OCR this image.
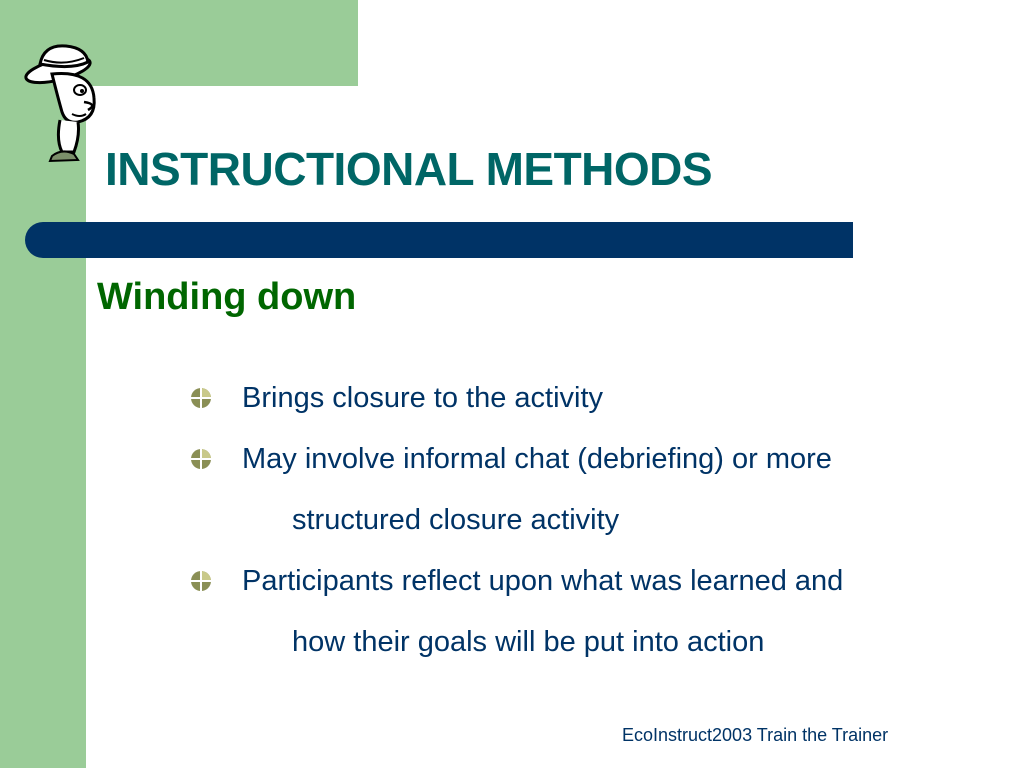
INSTRUCTIONAL METHODS
Winding down
Brings closure to the activity
May involve informal chat (debriefing) or more
structured closure activity
Participants reflect upon what was learned and
how their goals will be put into action
EcoInstruct2003 Train the Trainer
